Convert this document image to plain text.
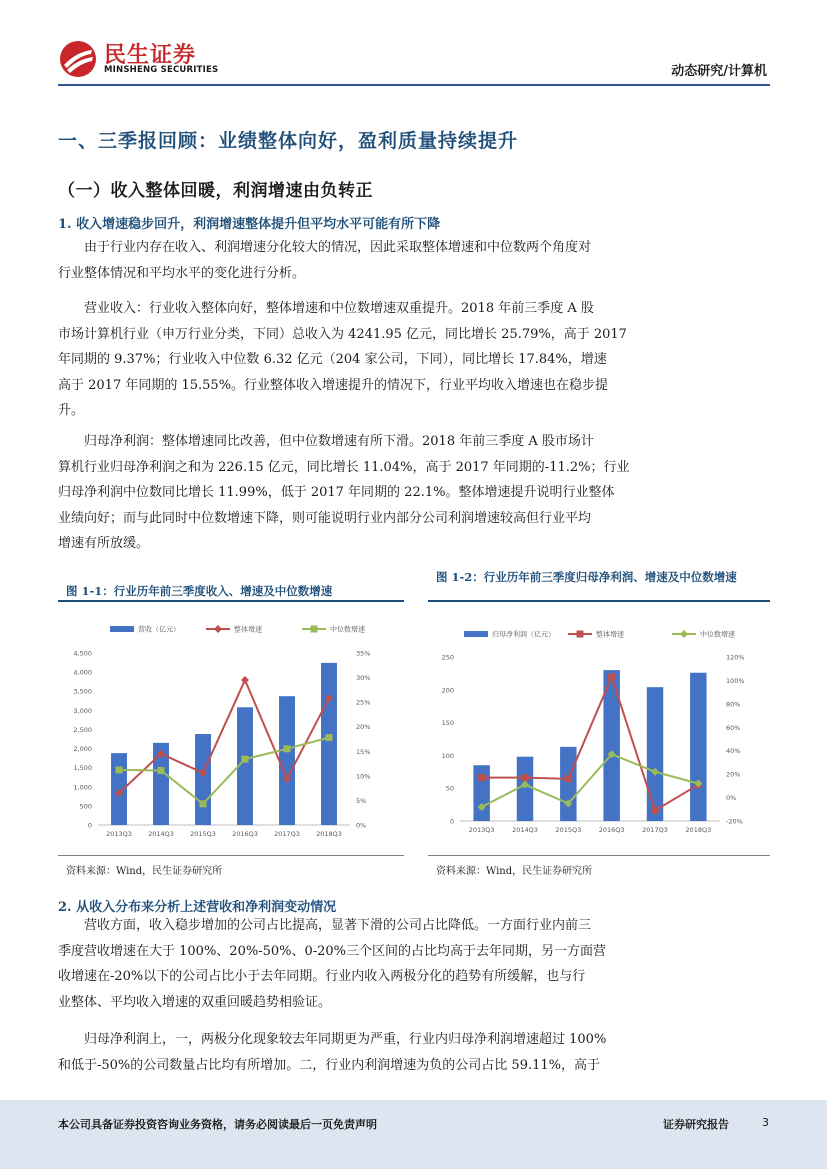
民生证券
MINSHENG SECURITIES	动态研究/计算机
一、三季报回顾：业绩整体向好，盈利质量持续提升
（一）收入整体回暖，利润增速由负转正
1. 收入增速稳步回升，利润增速整体提升但平均水平可能有所下降
　　由于行业内存在收入、利润增速分化较大的情况，因此采取整体增速和中位数两个角度对
行业整体情况和平均水平的变化进行分析。
　　营业收入：行业收入整体向好，整体增速和中位数增速双重提升。2018 年前三季度 A 股
市场计算机行业（申万行业分类，下同）总收入为 4241.95 亿元，同比增长 25.79%，高于 2017
年同期的 9.37%；行业收入中位数 6.32 亿元（204 家公司，下同），同比增长 17.84%，增速
高于 2017 年同期的 15.55%。行业整体收入增速提升的情况下，行业平均收入增速也在稳步提
升。
　　归母净利润：整体增速同比改善，但中位数增速有所下滑。2018 年前三季度 A 股市场计
算机行业归母净利润之和为 226.15 亿元，同比增长 11.04%，高于 2017 年同期的-11.2%；行业
归母净利润中位数同比增长 11.99%，低于 2017 年同期的 22.1%。整体增速提升说明行业整体
业绩向好；而与此同时中位数增速下降，则可能说明行业内部分公司利润增速较高但行业平均
增速有所放缓。
图 1-1：行业历年前三季度收入、增速及中位数增速
0
500
1,000
1,500
2,000
2,500
3,000
3,500
4,000
4,500
0%
5%
10%
15%
20%
25%
30%
35%
2013Q3 2014Q3 2015Q3 2016Q3 2017Q3 2018Q3
营收（亿元）	整体增速	中位数增速
资料来源：Wind，民生证券研究所
图 1-2：行业历年前三季度归母净利润、增速及中位数增速
0
50
100
150
200
250
-20%
0%
20%
40%
60%
80%
100%
120%
2013Q3	2014Q3	2015Q3	2016Q3	2017Q3	2018Q3
归母净利润（亿元）	整体增速	中位数增速
资料来源：Wind，民生证券研究所
2. 从收入分布来分析上述营收和净利润变动情况
　　营收方面，收入稳步增加的公司占比提高，显著下滑的公司占比降低。一方面行业内前三
季度营收增速在大于 100%、20%-50%、0-20%三个区间的占比均高于去年同期，另一方面营
收增速在-20%以下的公司占比小于去年同期。行业内收入两极分化的趋势有所缓解，也与行
业整体、平均收入增速的双重回暖趋势相验证。
　　归母净利润上，一，两极分化现象较去年同期更为严重，行业内归母净利润增速超过 100%
和低于-50%的公司数量占比均有所增加。二，行业内利润增速为负的公司占比 59.11%，高于
本公司具备证券投资咨询业务资格，请务必阅读最后一页免责声明	证券研究报告	3
